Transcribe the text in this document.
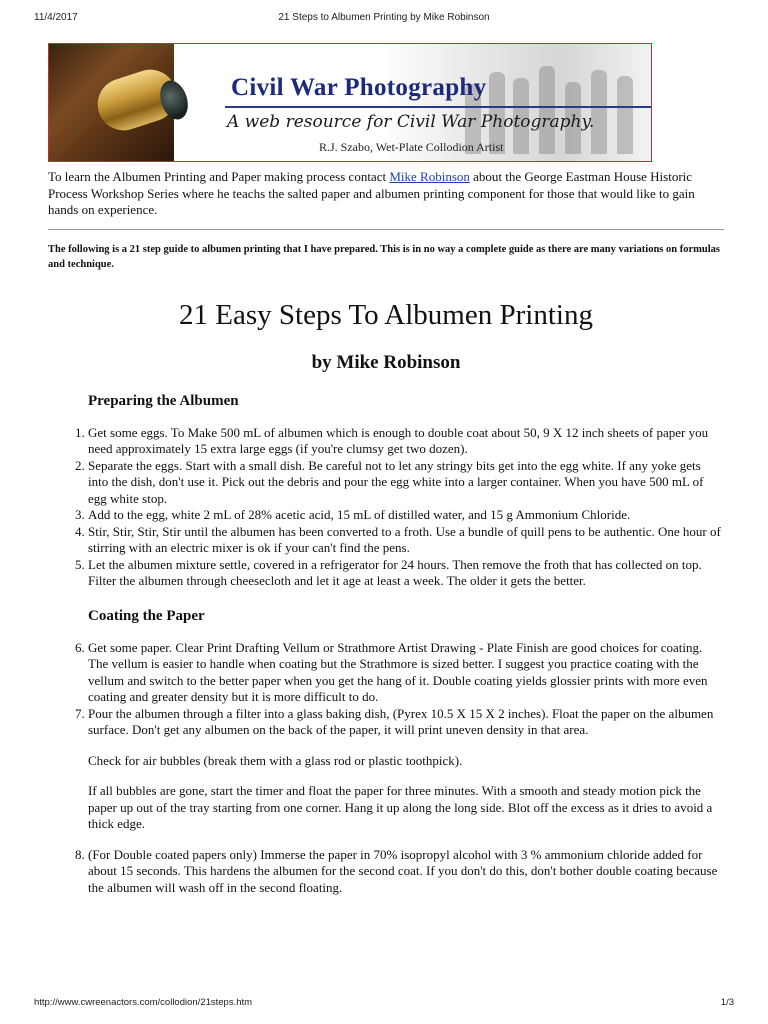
11/4/2017	21 Steps to Albumen Printing by Mike Robinson
Civil War Photography
A web resource for Civil War Photography.
R.J. Szabo, Wet-Plate Collodion Artist

To learn the Albumen Printing and Paper making process contact Mike Robinson about the George Eastman House Historic Process Workshop Series where he teachs the salted paper and albumen printing component for those that would like to gain hands on experience.

The following is a 21 step guide to albumen printing that I have prepared. This is in no way a complete guide as there are many variations on formulas and technique.

21 Easy Steps To Albumen Printing
by Mike Robinson
Preparing the Albumen
1. Get some eggs. To Make 500 mL of albumen which is enough to double coat about 50, 9 X 12 inch sheets of paper you need approximately 15 extra large eggs (if you're clumsy get two dozen).
2. Separate the eggs. Start with a small dish. Be careful not to let any stringy bits get into the egg white. If any yoke gets into the dish, don't use it. Pick out the debris and pour the egg white into a larger container. When you have 500 mL of egg white stop.
3. Add to the egg, white 2 mL of 28% acetic acid, 15 mL of distilled water, and 15 g Ammonium Chloride.
4. Stir, Stir, Stir, Stir until the albumen has been converted to a froth. Use a bundle of quill pens to be authentic. One hour of stirring with an electric mixer is ok if your can't find the pens.
5. Let the albumen mixture settle, covered in a refrigerator for 24 hours. Then remove the froth that has collected on top. Filter the albumen through cheesecloth and let it age at least a week. The older it gets the better.
Coating the Paper
6. Get some paper. Clear Print Drafting Vellum or Strathmore Artist Drawing - Plate Finish are good choices for coating. The vellum is easier to handle when coating but the Strathmore is sized better. I suggest you practice coating with the vellum and switch to the better paper when you get the hang of it. Double coating yields glossier prints with more even coating and greater density but it is more difficult to do.
7. Pour the albumen through a filter into a glass baking dish, (Pyrex 10.5 X 15 X 2 inches). Float the paper on the albumen surface. Don't get any albumen on the back of the paper, it will print uneven density in that area.

Check for air bubbles (break them with a glass rod or plastic toothpick).

If all bubbles are gone, start the timer and float the paper for three minutes. With a smooth and steady motion pick the paper up out of the tray starting from one corner. Hang it up along the long side. Blot off the excess as it dries to avoid a thick edge.

8. (For Double coated papers only) Immerse the paper in 70% isopropyl alcohol with 3 % ammonium chloride added for about 15 seconds. This hardens the albumen for the second coat. If you don't do this, don't bother double coating because the albumen will wash off in the second floating.
http://www.cwreenactors.com/collodion/21steps.htm	1/3
